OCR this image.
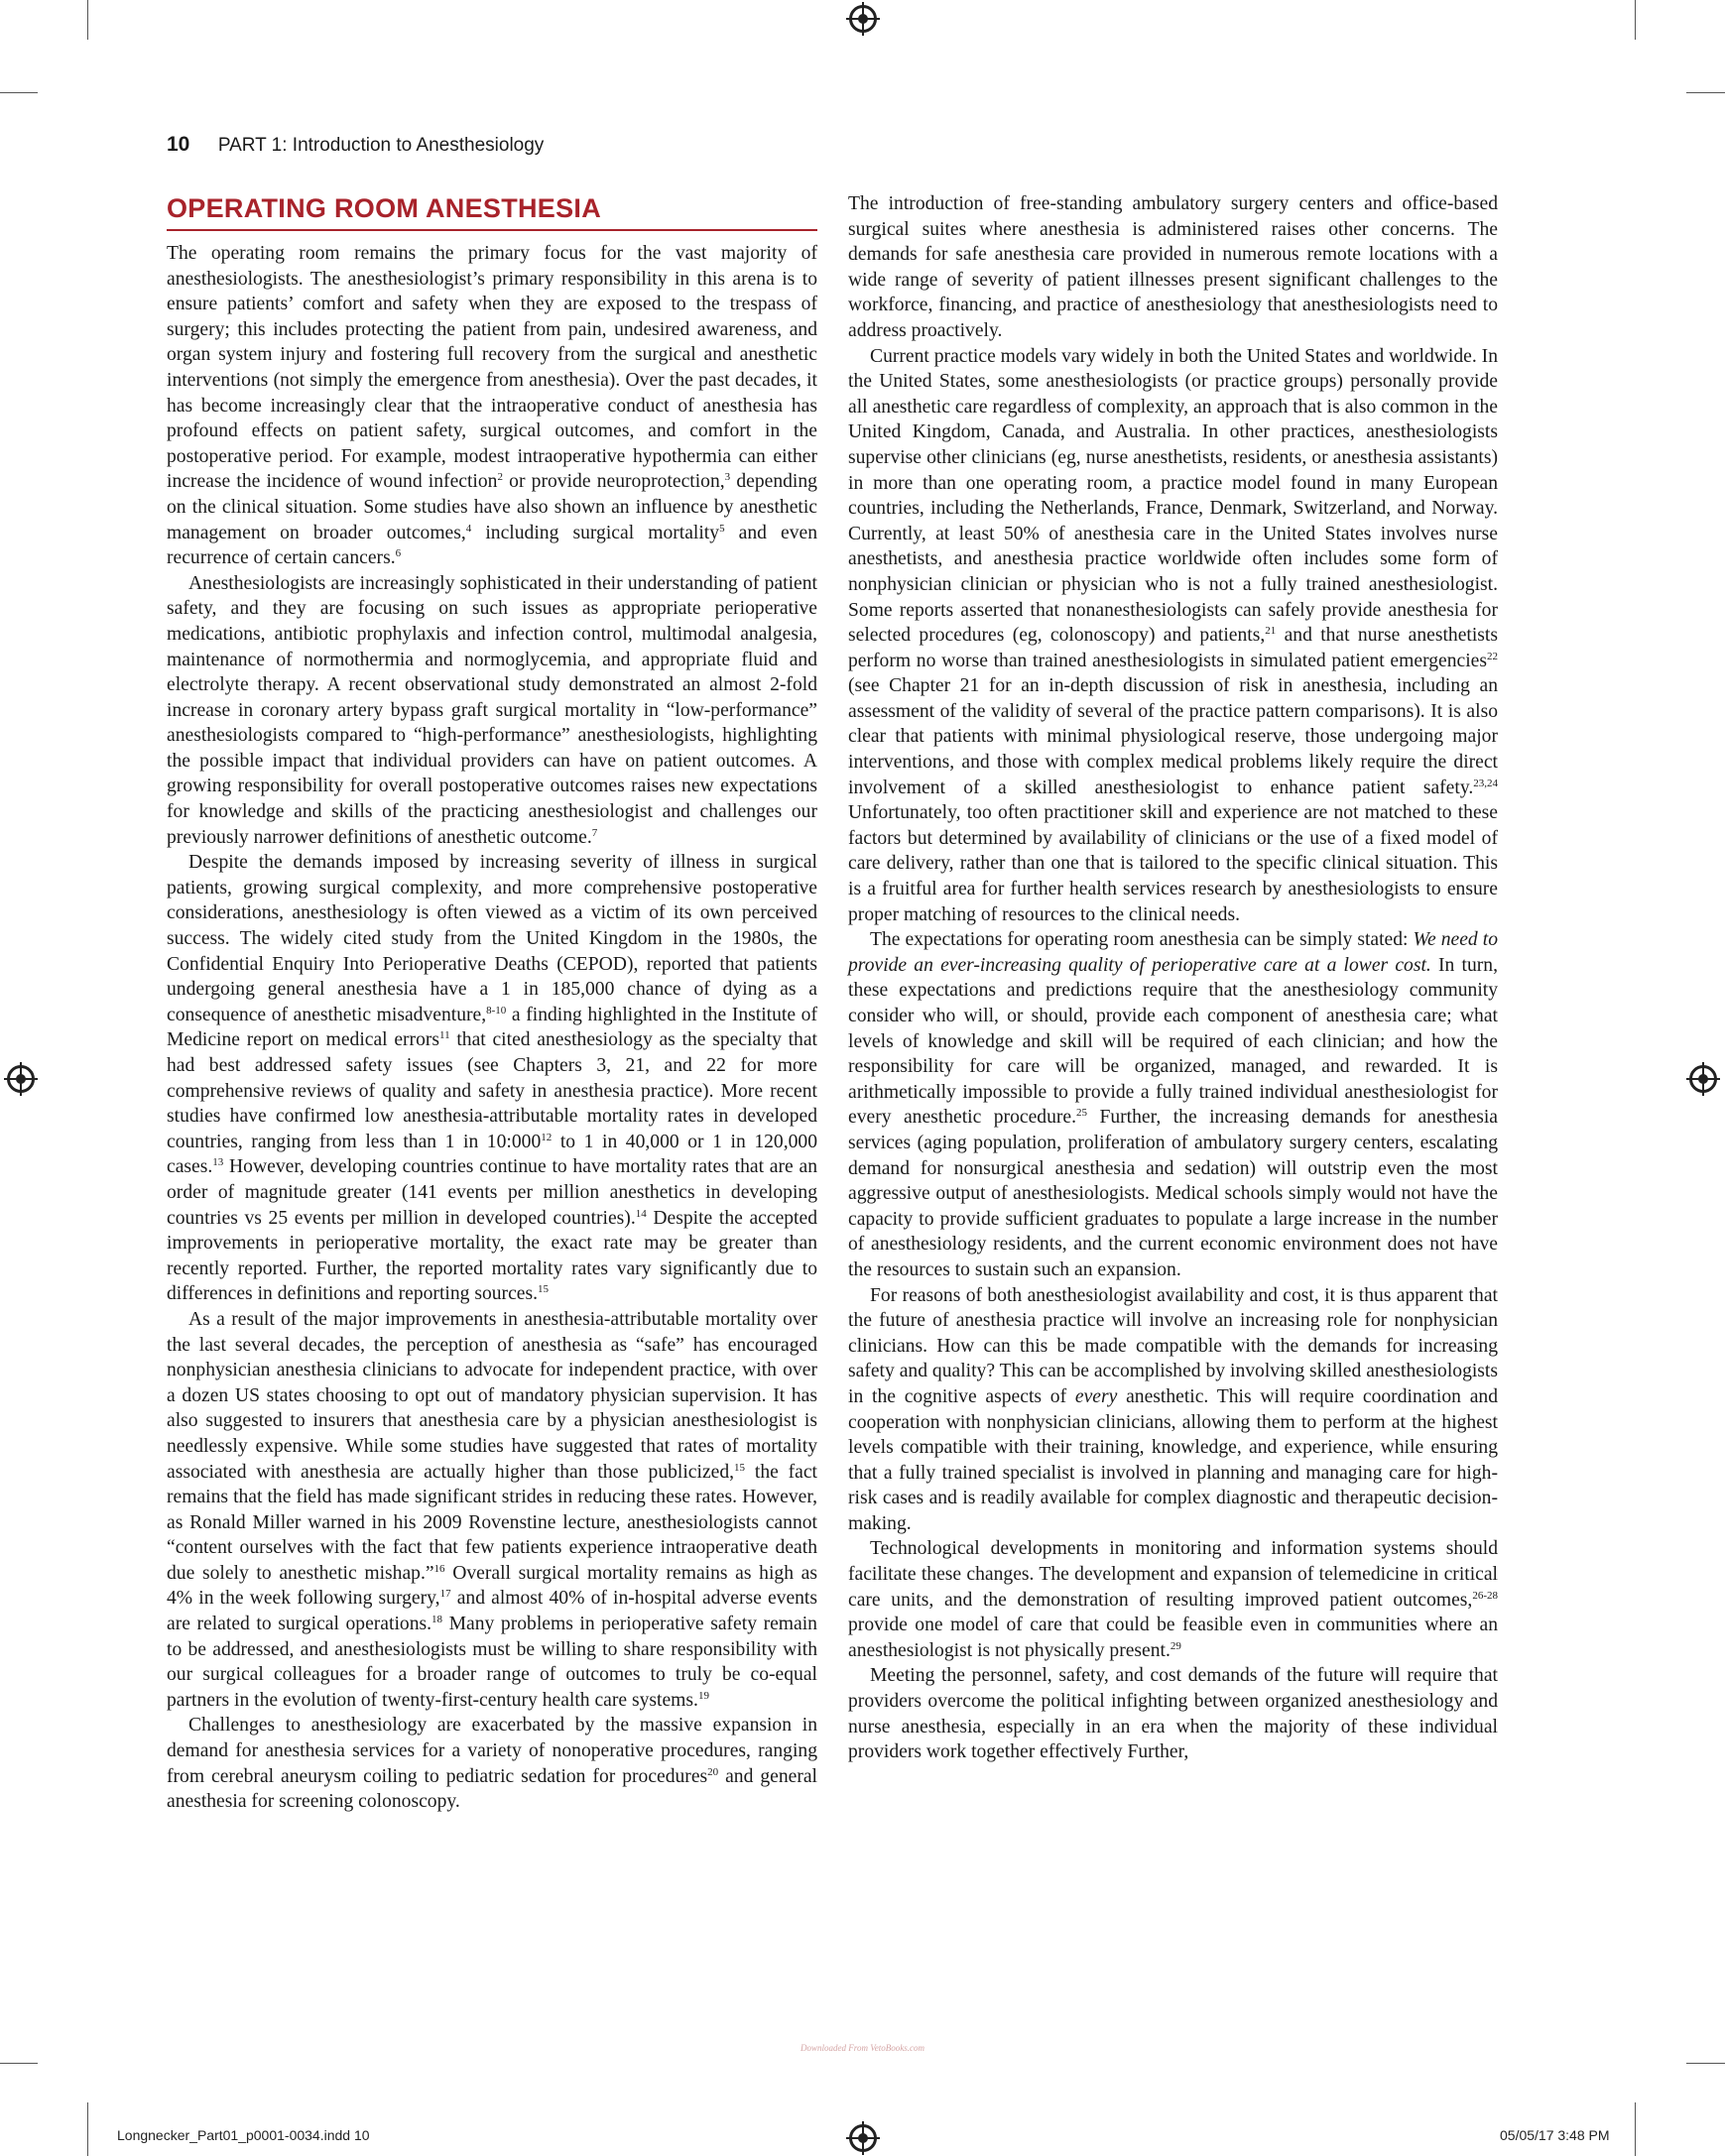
10 PART 1: Introduction to Anesthesiology
OPERATING ROOM ANESTHESIA

The operating room remains the primary focus for the vast majority of anesthesiologists. The anesthesiologist’s primary responsibility in this arena is to ensure patients’ comfort and safety when they are exposed to the trespass of surgery; this includes protecting the patient from pain, undesired awareness, and organ system injury and fostering full recovery from the surgical and anesthetic interventions (not simply the emergence from anesthesia). Over the past decades, it has become increasingly clear that the intraoperative conduct of anesthesia has profound effects on patient safety, surgical outcomes, and comfort in the postoperative period. For example, modest intraoperative hypothermia can either increase the incidence of wound infection$^2$ or provide neuroprotection,$^3$ depending on the clinical situation. Some studies have also shown an influence by anesthetic management on broader outcomes,$^4$ including surgical mortality$^5$ and even recurrence of certain cancers.$^6$

Anesthesiologists are increasingly sophisticated in their understanding of patient safety, and they are focusing on such issues as appropriate perioperative medications, antibiotic prophylaxis and infection control, multimodal analgesia, maintenance of normothermia and normoglycemia, and appropriate fluid and electrolyte therapy. A recent observational study demonstrated an almost 2-fold increase in coronary artery bypass graft surgical mortality in “low-performance” anesthesiologists compared to “high-performance” anesthesiologists, highlighting the possible impact that individual providers can have on patient outcomes. A growing responsibility for overall postoperative outcomes raises new expectations for knowledge and skills of the practicing anesthesiologist and challenges our previously narrower definitions of anesthetic outcome.$^7$

Despite the demands imposed by increasing severity of illness in surgical patients, growing surgical complexity, and more comprehensive postoperative considerations, anesthesiology is often viewed as a victim of its own perceived success. The widely cited study from the United Kingdom in the 1980s, the Confidential Enquiry Into Perioperative Deaths (CEPOD), reported that patients undergoing general anesthesia have a 1 in 185,000 chance of dying as a consequence of anesthetic misadventure,$^{8-10}$ a finding highlighted in the Institute of Medicine report on medical errors$^{11}$ that cited anesthesiology as the specialty that had best addressed safety issues (see Chapters 3, 21, and 22 for more comprehensive reviews of quality and safety in anesthesia practice). More recent studies have confirmed low anesthesia-attributable mortality rates in developed countries, ranging from less than 1 in $10:000^{12}$ to 1 in 40,000 or 1 in 120,000 cases.$^{13}$ However, developing countries continue to have mortality rates that are an order of magnitude greater (141 events per million anesthetics in developing countries vs 25 events per million in developed countries).$^{14}$ Despite the accepted improvements in perioperative mortality, the exact rate may be greater than recently reported. Further, the reported mortality rates vary significantly due to differences in definitions and reporting sources.$^{15}$

As a result of the major improvements in anesthesia-attributable mortality over the last several decades, the perception of anesthesia as “safe” has encouraged nonphysician anesthesia clinicians to advocate for independent practice, with over a dozen US states choosing to opt out of mandatory physician supervision. It has also suggested to insurers that anesthesia care by a physician anesthesiologist is needlessly expensive. While some studies have suggested that rates of mortality associated with anesthesia are actually higher than those publicized,$^{15}$ the fact remains that the field has made significant strides in reducing these rates. However, as Ronald Miller warned in his 2009 Rovenstine lecture, anesthesiologists cannot “content ourselves with the fact that few patients experience intraoperative death due solely to anesthetic mishap.”$^{16}$ Overall surgical mortality remains as high as 4% in the week following surgery,$^{17}$ and almost 40% of in-hospital adverse events are related to surgical operations.$^{18}$ Many problems in perioperative safety remain to be addressed, and anesthesiologists must be willing to share responsibility with our surgical colleagues for a broader range of outcomes to truly be co-equal partners in the evolution of twenty-first-century health care systems.$^{19}$

Challenges to anesthesiology are exacerbated by the massive expansion in demand for anesthesia services for a variety of nonoperative procedures, ranging from cerebral aneurysm coiling to pediatric sedation for procedures$^{20}$ and general anesthesia for screening colonoscopy.

The introduction of free-standing ambulatory surgery centers and office-based surgical suites where anesthesia is administered raises other concerns. The demands for safe anesthesia care provided in numerous remote locations with a wide range of severity of patient illnesses present significant challenges to the workforce, financing, and practice of anesthesiology that anesthesiologists need to address proactively.

Current practice models vary widely in both the United States and worldwide. In the United States, some anesthesiologists (or practice groups) personally provide all anesthetic care regardless of complexity, an approach that is also common in the United Kingdom, Canada, and Australia. In other practices, anesthesiologists supervise other clinicians (eg, nurse anesthetists, residents, or anesthesia assistants) in more than one operating room, a practice model found in many European countries, including the Netherlands, France, Denmark, Switzerland, and Norway. Currently, at least 50% of anesthesia care in the United States involves nurse anesthetists, and anesthesia practice worldwide often includes some form of nonphysician clinician or physician who is not a fully trained anesthesiologist. Some reports asserted that nonanesthesiologists can safely provide anesthesia for selected procedures (eg, colonoscopy) and patients,$^{21}$ and that nurse anesthetists perform no worse than trained anesthesiologists in simulated patient emergencies$^{22}$ (see Chapter 21 for an in-depth discussion of risk in anesthesia, including an assessment of the validity of several of the practice pattern comparisons). It is also clear that patients with minimal physiological reserve, those undergoing major interventions, and those with complex medical problems likely require the direct involvement of a skilled anesthesiologist to enhance patient safety.$^{23,24}$ Unfortunately, too often practitioner skill and experience are not matched to these factors but determined by availability of clinicians or the use of a fixed model of care delivery, rather than one that is tailored to the specific clinical situation. This is a fruitful area for further health services research by anesthesiologists to ensure proper matching of resources to the clinical needs.

The expectations for operating room anesthesia can be simply stated: We need to provide an ever-increasing quality of perioperative care at a lower cost. In turn, these expectations and predictions require that the anesthesiology community consider who will, or should, provide each component of anesthesia care; what levels of knowledge and skill will be required of each clinician; and how the responsibility for care will be organized, managed, and rewarded. It is arithmetically impossible to provide a fully trained individual anesthesiologist for every anesthetic procedure.$^{25}$ Further, the increasing demands for anesthesia services (aging population, proliferation of ambulatory surgery centers, escalating demand for nonsurgical anesthesia and sedation) will outstrip even the most aggressive output of anesthesiologists. Medical schools simply would not have the capacity to provide sufficient graduates to populate a large increase in the number of anesthesiology residents, and the current economic environment does not have the resources to sustain such an expansion.

For reasons of both anesthesiologist availability and cost, it is thus apparent that the future of anesthesia practice will involve an increasing role for nonphysician clinicians. How can this be made compatible with the demands for increasing safety and quality? This can be accomplished by involving skilled anesthesiologists in the cognitive aspects of every anesthetic. This will require coordination and cooperation with nonphysician clinicians, allowing them to perform at the highest levels compatible with their training, knowledge, and experience, while ensuring that a fully trained specialist is involved in planning and managing care for high-risk cases and is readily available for complex diagnostic and therapeutic decision-making.

Technological developments in monitoring and information systems should facilitate these changes. The development and expansion of telemedicine in critical care units, and the demonstration of resulting improved patient outcomes,$^{26-28}$ provide one model of care that could be feasible even in communities where an anesthesiologist is not physically present.$^{29}$

Meeting the personnel, safety, and cost demands of the future will require that providers overcome the political infighting between organized anesthesiology and nurse anesthesia, especially in an era when the majority of these individual providers work together effectively Further,

Downloaded From VetoBooks.com
Longnecker_Part01_p0001-0034.indd 10	05/05/17 3:48 PM
